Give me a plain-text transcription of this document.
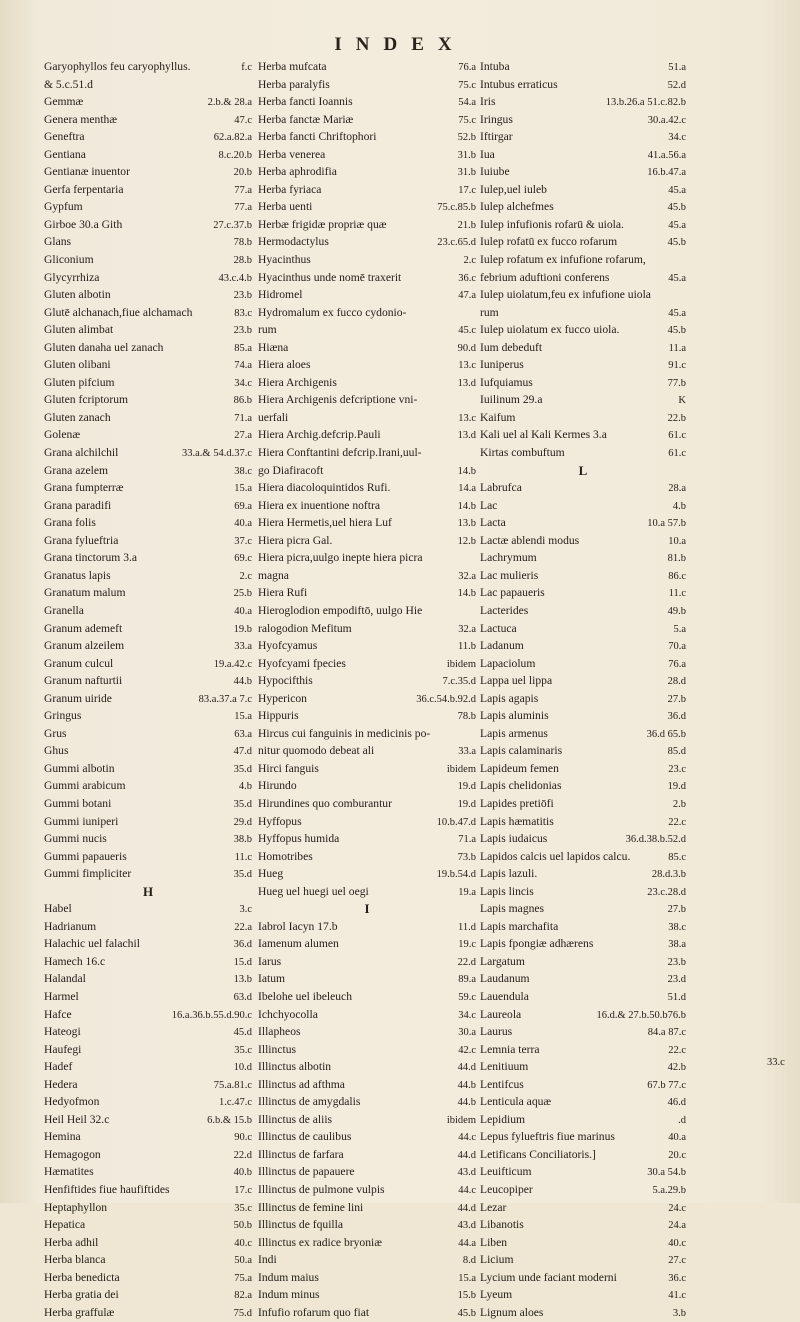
INDEX
Garyophyllos feu caryophyllus.	f.c
& 5.c.51.d
Gemmæ	2.b.& 28.a
Genera menthæ	47.c
Geneftra	62.a.82.a
Gentiana	8.c.20.b
Gentianæ inuentor	20.b
Gerfa ferpentaria	77.a
Gypfum	77.a
Girboe 30.a Gith	27.c.37.b
Glans	78.b
Gliconium	28.b
Glycyrrhiza	43.c.4.b
Gluten albotin	23.b
Glutē alchanach,fiue alchamach	83.c
Gluten alimbat	23.b
Gluten danaha uel zanach	85.a
Gluten olibani	74.a
Gluten pifcium	34.c
Gluten fcriptorum	86.b
Gluten zanach	71.a
Golenæ	27.a
Grana alchilchil	33.a.& 54.d.37.c
Grana azelem	38.c
Grana fumpterræ	15.a
Grana paradifi	69.a
Grana folis	40.a
Grana fylueftria	37.c
Grana tinctorum 3.a	69.c
Granatus lapis	2.c
Granatum malum	25.b
Granella	40.a
Granum ademeft	19.b
Granum alzeilem	33.a
Granum culcul	19.a.42.c
Granum nafturtii	44.b
Granum uiride	83.a.37.a 7.c
Gringus	15.a
Grus	63.a
Ghus	47.d
Gummi albotin	35.d
Gummi arabicum	4.b
Gummi botani	35.d
Gummi iuniperi	29.d
Gummi nucis	38.b
Gummi papaueris	11.c
Gummi fimpliciter	35.d
H
Habel	3.c
Hadrianum	22.a
Halachic uel falachil	36.d
Hamech 16.c	15.d
Halandal	13.b
Harmel	63.d
Hafce	16.a.36.b.55.d.90.c
Hateogi	45.d
Haufegi	35.c
Hadef	10.d
Hedera	75.a.81.c
Hedyofmon	1.c.47.c
Heil Heil 32.c	6.b.& 15.b
Hemina	90.c
Hemagogon	22.d
Hæmatites	40.b
Henfiftides fiue haufiftides	17.c
Heptaphyllon	35.c
Hepatica	50.b
Herba adhil	40.c
Herba blanca	50.a
Herba benedicta	75.a
Herba gratia dei	82.a
Herba graffulæ	75.d
Herba mufcata	76.a
Herba paralyfis	75.c
Herba fancti Ioannis	54.a
Herba fanctæ Mariæ	75.c
Herba fancti Chriftophori	52.b
Herba venerea	31.b
Herba aphrodifia	31.b
Herba fyriaca	17.c
Herba uenti	75.c.85.b
Herbæ frigidæ propriæ quæ	21.b
Hermodactylus	23.c.65.d
Hyacinthus	2.c
Hyacinthus unde nomē traxerit	36.c
Hidromel	47.a
Hydromalum ex fucco cydonio-
rum	45.c
Hiæna	90.d
Hiera aloes	13.c
Hiera Archigenis	13.d
Hiera Archigenis defcriptione vni-
uerfali	13.c
Hiera Archig.defcrip.Pauli	13.d
Hiera Conftantini defcrip.Irani,uul-
go Diafiracoft	14.b
Hiera diacoloquintidos Rufi.	14.a
Hiera ex inuentione noftra	14.b
Hiera Hermetis,uel hiera Luf	13.b
Hiera picra Gal.	12.b
Hiera picra,uulgo inepte hiera picra
magna	32.a
Hiera Rufi	14.b
Hieroglodion empodiftō, uulgo Hie
ralogodion Mefitum	32.a
Hyofcyamus	11.b
Hyofcyami fpecies	ibidem
Hypocifthis	7.c.35.d
Hypericon	36.c.54.b.92.d
Hippuris	78.b
Hircus cui fanguinis in medicinis po-
nitur quomodo debeat ali	33.a
Hirci fanguis	ibidem
Hirundo	19.d
Hirundines quo comburantur	19.d
Hyffopus	10.b.47.d
Hyffopus humida	71.a
Homotribes	73.b
Hueg	19.b.54.d
Hueg uel huegi uel oegi	19.a
I
Iabrol Iacyn 17.b	11.d
Iamenum alumen	19.c
Iarus	22.d
Iatum	89.a
Ibelohe uel ibeleuch	59.c
Ichchyocolla	34.c
Illapheos	30.a
Illinctus	42.c
Illinctus albotin	44.d
Illinctus ad afthma	44.b
Illinctus de amygdalis	44.b
Illinctus de aliis	ibidem
Illinctus de caulibus	44.c
Illinctus de farfara	44.d
Illinctus de papauere	43.d
Illinctus de pulmone vulpis	44.c
Illinctus de femine lini	44.d
Illinctus de fquilla	43.d
Illinctus ex radice bryoniæ	44.a
Indi	8.d
Indum maius	15.a
Indum minus	15.b
Infufio rofarum quo fiat	45.b
Intuba	51.a
Intubus erraticus	52.d
Iris	13.b.26.a 51.c.82.b
Iringus	30.a.42.c
Iftirgar	34.c
Iua	41.a.56.a
Iuiube	16.b.47.a
Iulep,uel iuleb	45.a
Iulep alchefmes	45.b
Iulep infufionis rofarū & uiola.	45.a
Iulep rofatū ex fucco rofarum	45.b
Iulep rofatum ex infufione rofarum,
febrium aduftioni conferens	45.a
Iulep uiolatum,feu ex infufione uiola
rum	45.a
Iulep uiolatum ex fucco uiola.	45.b
Ium debeduft	11.a
Iuniperus	91.c
Iufquiamus	77.b
Iuilinum 29.a	K
Kaifum	22.b
Kali uel al Kali Kermes 3.a	61.c
Kirtas combuftum	61.c
L
Labrufca	28.a
Lac	4.b
Lacta	10.a 57.b
Lactæ ablendi modus	10.a
Lachrymum	81.b
Lac mulieris	86.c
Lac papaueris	11.c
Lacterides	49.b
Lactuca	5.a
Ladanum	70.a
Lapaciolum	76.a
Lappa uel lippa	28.d
Lapis agapis	27.b
Lapis aluminis	36.d
Lapis armenus	36.d 65.b
Lapis calaminaris	85.d
Lapideum femen	23.c
Lapis chelidonias	19.d
Lapides pretiōfi	2.b
Lapis hæmatitis	22.c
Lapis iudaicus	36.d.38.b.52.d
Lapidos calcis uel lapidos calcu.	85.c
Lapis lazuli.	28.d.3.b
Lapis lincis	23.c.28.d
Lapis magnes	27.b
Lapis marchafita	38.c
Lapis fpongiæ adhærens	38.a
Largatum	23.b
Laudanum	23.d
Lauendula	51.d
Laureola	16.d.& 27.b.50.b76.b
Laurus	84.a 87.c
Lemnia terra	22.c
Lenitiuum	42.b
Lentifcus	67.b 77.c
Lenticula aquæ	46.d
Lepidium	.d
Lepus fylueftris fiue marinus	40.a
Letificans Conciliatoris.]	20.c
Leuifticum	30.a 54.b
Leucopiper	5.a.29.b
Lezar	24.c
Libanotis	24.a
Liben	40.c
Licium	27.c
Lycium unde faciant moderni	36.c
Lyeum	41.c
Lignum aloes	3.b
33.c
